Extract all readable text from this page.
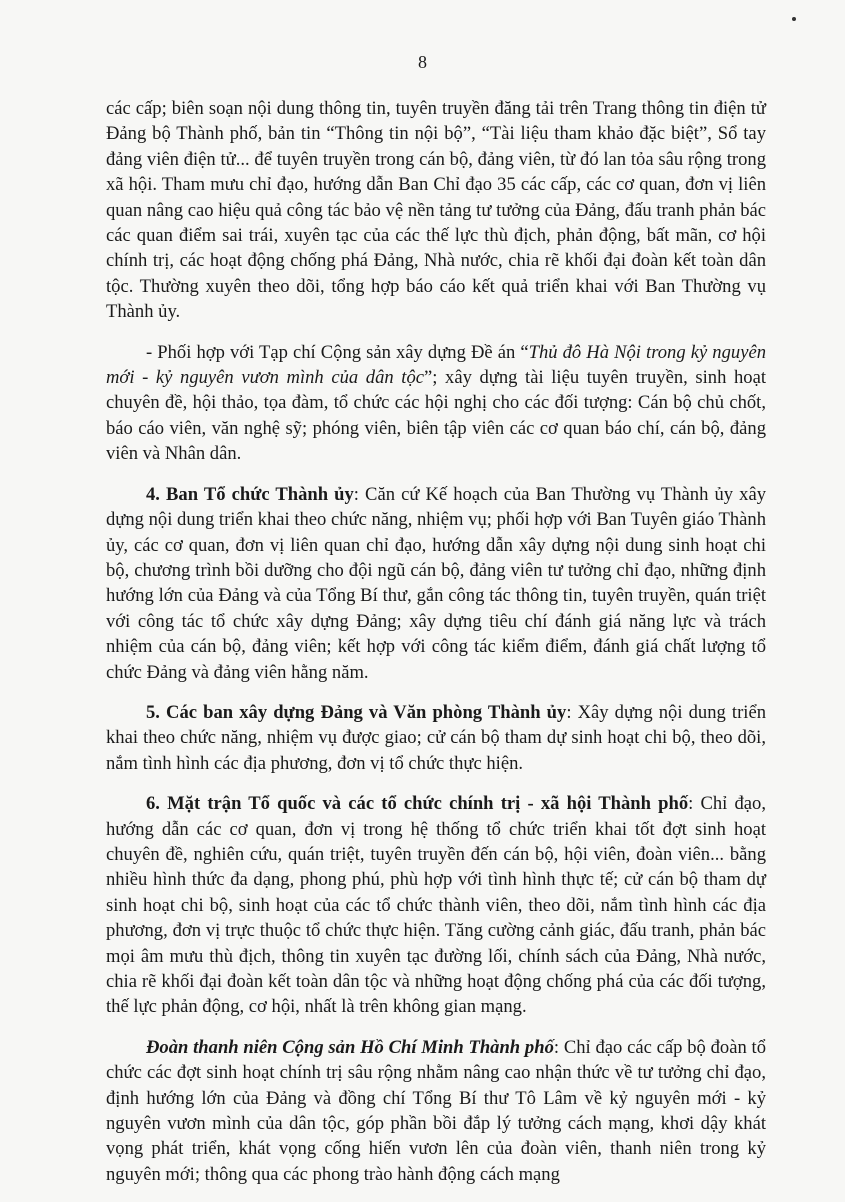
8

các cấp; biên soạn nội dung thông tin, tuyên truyền đăng tải trên Trang thông tin điện tử Đảng bộ Thành phố, bản tin “Thông tin nội bộ”, “Tài liệu tham khảo đặc biệt”, Sổ tay đảng viên điện tử... để tuyên truyền trong cán bộ, đảng viên, từ đó lan tỏa sâu rộng trong xã hội. Tham mưu chỉ đạo, hướng dẫn Ban Chỉ đạo 35 các cấp, các cơ quan, đơn vị liên quan nâng cao hiệu quả công tác bảo vệ nền tảng tư tưởng của Đảng, đấu tranh phản bác các quan điểm sai trái, xuyên tạc của các thế lực thù địch, phản động, bất mãn, cơ hội chính trị, các hoạt động chống phá Đảng, Nhà nước, chia rẽ khối đại đoàn kết toàn dân tộc. Thường xuyên theo dõi, tổng hợp báo cáo kết quả triển khai với Ban Thường vụ Thành ủy.

- Phối hợp với Tạp chí Cộng sản xây dựng Đề án “Thủ đô Hà Nội trong kỷ nguyên mới - kỷ nguyên vươn mình của dân tộc”; xây dựng tài liệu tuyên truyền, sinh hoạt chuyên đề, hội thảo, tọa đàm, tổ chức các hội nghị cho các đối tượng: Cán bộ chủ chốt, báo cáo viên, văn nghệ sỹ; phóng viên, biên tập viên các cơ quan báo chí, cán bộ, đảng viên và Nhân dân.

4. Ban Tổ chức Thành ủy: Căn cứ Kế hoạch của Ban Thường vụ Thành ủy xây dựng nội dung triển khai theo chức năng, nhiệm vụ; phối hợp với Ban Tuyên giáo Thành ủy, các cơ quan, đơn vị liên quan chỉ đạo, hướng dẫn xây dựng nội dung sinh hoạt chi bộ, chương trình bồi dưỡng cho đội ngũ cán bộ, đảng viên tư tưởng chỉ đạo, những định hướng lớn của Đảng và của Tổng Bí thư, gắn công tác thông tin, tuyên truyền, quán triệt với công tác tổ chức xây dựng Đảng; xây dựng tiêu chí đánh giá năng lực và trách nhiệm của cán bộ, đảng viên; kết hợp với công tác kiểm điểm, đánh giá chất lượng tổ chức Đảng và đảng viên hằng năm.

5. Các ban xây dựng Đảng và Văn phòng Thành ủy: Xây dựng nội dung triển khai theo chức năng, nhiệm vụ được giao; cử cán bộ tham dự sinh hoạt chi bộ, theo dõi, nắm tình hình các địa phương, đơn vị tổ chức thực hiện.

6. Mặt trận Tổ quốc và các tổ chức chính trị - xã hội Thành phố: Chỉ đạo, hướng dẫn các cơ quan, đơn vị trong hệ thống tổ chức triển khai tốt đợt sinh hoạt chuyên đề, nghiên cứu, quán triệt, tuyên truyền đến cán bộ, hội viên, đoàn viên... bằng nhiều hình thức đa dạng, phong phú, phù hợp với tình hình thực tế; cử cán bộ tham dự sinh hoạt chi bộ, sinh hoạt của các tổ chức thành viên, theo dõi, nắm tình hình các địa phương, đơn vị trực thuộc tổ chức thực hiện. Tăng cường cảnh giác, đấu tranh, phản bác mọi âm mưu thù địch, thông tin xuyên tạc đường lối, chính sách của Đảng, Nhà nước, chia rẽ khối đại đoàn kết toàn dân tộc và những hoạt động chống phá của các đối tượng, thế lực phản động, cơ hội, nhất là trên không gian mạng.

Đoàn thanh niên Cộng sản Hồ Chí Minh Thành phố: Chỉ đạo các cấp bộ đoàn tổ chức các đợt sinh hoạt chính trị sâu rộng nhằm nâng cao nhận thức về tư tưởng chỉ đạo, định hướng lớn của Đảng và đồng chí Tổng Bí thư Tô Lâm về kỷ nguyên mới - kỷ nguyên vươn mình của dân tộc, góp phần bồi đắp lý tưởng cách mạng, khơi dậy khát vọng phát triển, khát vọng cống hiến vươn lên của đoàn viên, thanh niên trong kỷ nguyên mới; thông qua các phong trào hành động cách mạng
